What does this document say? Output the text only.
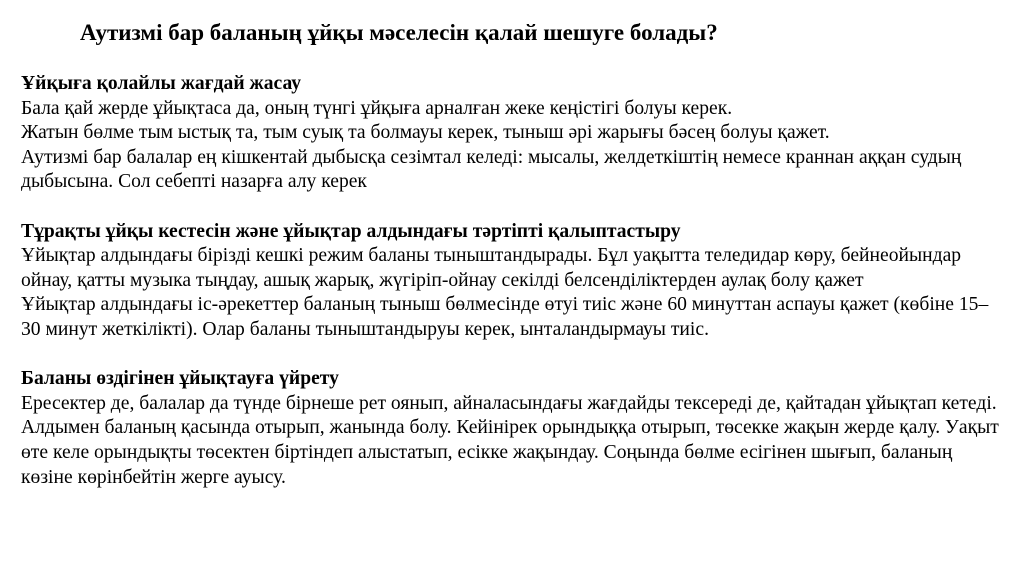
Аутизмі бар баланың ұйқы мәселесін қалай шешуге болады?
Ұйқыға қолайлы жағдай жасау
Бала қай жерде ұйықтаса да, оның түнгі ұйқыға арналған жеке кеңістігі болуы керек.
Жатын бөлме тым ыстық та, тым суық та болмауы керек, тыныш әрі жарығы бәсең болуы қажет.
Аутизмі бар балалар ең кішкентай дыбысқа сезімтал келеді: мысалы, желдеткіштің немесе краннан аққан судың дыбысына. Сол себепті назарға алу керек
Тұрақты ұйқы кестесін және ұйықтар алдындағы тәртіпті қалыптастыру
Ұйықтар алдындағы бірізді кешкі режим баланы тыныштандырады. Бұл уақытта теледидар көру, бейнеойындар ойнау, қатты музыка тыңдау, ашық жарық, жүгіріп-ойнау секілді белсенділіктерден аулақ болу қажет
Ұйықтар алдындағы іс-әрекеттер баланың тыныш бөлмесінде өтуі тиіс және 60 минуттан аспауы қажет (көбіне 15–30 минут жеткілікті). Олар баланы тыныштандыруы керек, ынталандырмауы тиіс.
Баланы өздігінен ұйықтауға үйрету
Ересектер де, балалар да түнде бірнеше рет оянып, айналасындағы жағдайды тексереді де, қайтадан ұйықтап кетеді.
Алдымен баланың қасында отырып, жанында болу. Кейінірек орындыққа отырып, төсекке жақын жерде қалу. Уақыт өте келе орындықты төсектен біртіндеп алыстатып, есікке жақындау. Соңында бөлме есігінен шығып, баланың көзіне көрінбейтін жерге ауысу.
